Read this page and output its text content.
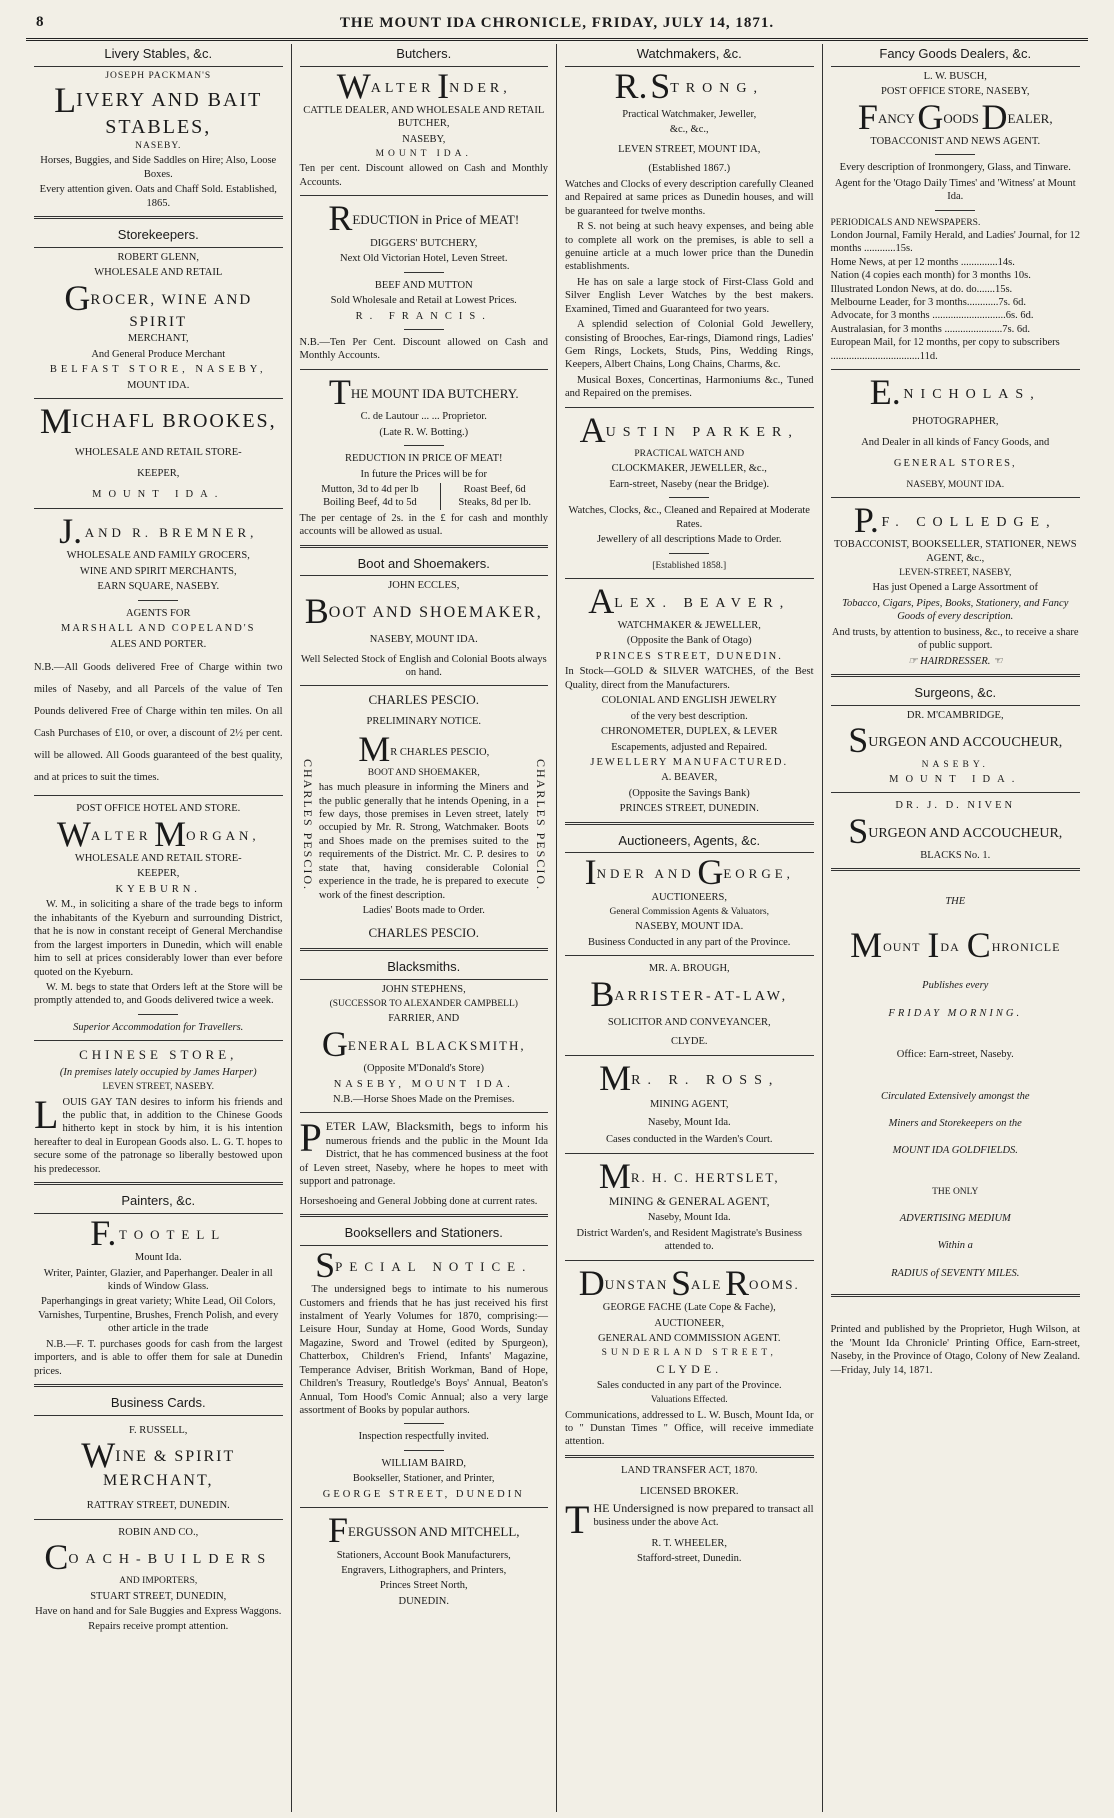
8	THE MOUNT IDA CHRONICLE, FRIDAY, JULY 14, 1871.
Livery Stables, &c.

JOSEPH PACKMAN'S

LIVERY AND BAIT STABLES,

NASEBY.

Horses, Buggies, and Side Saddles on Hire; Also, Loose Boxes.

Every attention given. Oats and Chaff Sold. Established, 1865.

Storekeepers.

ROBERT GLENN,

WHOLESALE AND RETAIL

GROCER, WINE AND SPIRIT

MERCHANT,

And General Produce Merchant

BELFAST STORE, NASEBY,

MOUNT IDA.

MICHAFL BROOKES,

WHOLESALE AND RETAIL STORE-

KEEPER,

MOUNT IDA.

J. AND R. BREMNER,

WHOLESALE AND FAMILY GROCERS,

WINE AND SPIRIT MERCHANTS,

EARN SQUARE, NASEBY.

AGENTS FOR

MARSHALL AND COPELAND'S

ALES AND PORTER.

N.B.—All Goods delivered Free of Charge within two miles of Naseby, and all Parcels of the value of Ten Pounds delivered Free of Charge within ten miles. On all Cash Purchases of £10, or over, a discount of 2½ per cent. will be allowed. All Goods guaranteed of the best quality, and at prices to suit the times.

POST OFFICE HOTEL AND STORE.

WALTER MORGAN,

WHOLESALE AND RETAIL STORE-

KEEPER,

KYEBURN.

W. M., in soliciting a share of the trade begs to inform the inhabitants of the Kyeburn and surrounding District, that he is now in constant receipt of General Merchandise from the largest importers in Dunedin, which will enable him to sell at prices considerably lower than ever before quoted on the Kyeburn.

W. M. begs to state that Orders left at the Store will be promptly attended to, and Goods delivered twice a week.

Superior Accommodation for Travellers.

CHINESE STORE,

(In premises lately occupied by James Harper)

LEVEN STREET, NASEBY.

LOUIS GAY TAN desires to inform his friends and the public that, in addition to the Chinese Goods hitherto kept in stock by him, it is his intention hereafter to deal in European Goods also. L. G. T. hopes to secure some of the patronage so liberally bestowed upon his predecessor.
Painters, &c.

F. TOOTELL

Mount Ida.

Writer, Painter, Glazier, and Paperhanger. Dealer in all kinds of Window Glass.

Paperhangings in great variety; White Lead, Oil Colors, Varnishes, Turpentine, Brushes, French Polish, and every other article in the trade

N.B.—F. T. purchases goods for cash from the largest importers, and is able to offer them for sale at Dunedin prices.

Business Cards.

F. RUSSELL,

WINE & SPIRIT MERCHANT,

RATTRAY STREET, DUNEDIN.

ROBIN AND CO.,

COACH-BUILDERS

AND IMPORTERS,

STUART STREET, DUNEDIN,

Have on hand and for Sale Buggies and Express Waggons.

Repairs receive prompt attention.

Butchers.

WALTER INDER,

CATTLE DEALER, AND WHOLESALE AND RETAIL BUTCHER,

NASEBY,

MOUNT IDA.

Ten per cent. Discount allowed on Cash and Monthly Accounts.

REDUCTION in Price of MEAT!

DIGGERS' BUTCHERY,

Next Old Victorian Hotel, Leven Street.

BEEF AND MUTTON

Sold Wholesale and Retail at Lowest Prices.

R. FRANCIS.

N.B.—Ten Per Cent. Discount allowed on Cash and Monthly Accounts.

THE MOUNT IDA BUTCHERY.

C. de Lautour ... ... Proprietor.

(Late R. W. Botting.)

REDUCTION IN PRICE OF MEAT!

In future the Prices will be for

Mutton, 3d to 4d per lb	Roast Beef, 6d
Boiling Beef, 4d to 5d	Steaks, 8d per lb.

The per centage of 2s. in the £ for cash and monthly accounts will be allowed as usual.

Boot and Shoemakers.

JOHN ECCLES,

BOOT AND SHOEMAKER,

NASEBY, MOUNT IDA.

Well Selected Stock of English and Colonial Boots always on hand.

CHARLES PESCIO.

PRELIMINARY NOTICE.

CHARLES PESCIO.

MR CHARLES PESCIO,

BOOT AND SHOEMAKER,

has much pleasure in informing the Miners and the public generally that he intends Opening, in a few days, those premises in Leven street, lately occupied by Mr. R. Strong, Watchmaker. Boots and Shoes made on the premises suited to the requirements of the District. Mr. C. P. desires to state that, having considerable Colonial experience in the trade, he is prepared to execute work of the finest description.

Ladies' Boots made to Order.

CHARLES PESCIO.

CHARLES PESCIO.

Blacksmiths.

JOHN STEPHENS,

(SUCCESSOR TO ALEXANDER CAMPBELL)

FARRIER, AND

GENERAL BLACKSMITH,

(Opposite M'Donald's Store)

NASEBY, MOUNT IDA.

N.B.—Horse Shoes Made on the Premises.

PETER LAW, Blacksmith, begs to inform his numerous friends and the public in the Mount Ida District, that he has commenced business at the foot of Leven street, Naseby, where he hopes to meet with support and patronage.

Horseshoeing and General Jobbing done at current rates.

Booksellers and Stationers.

SPECIAL NOTICE.

The undersigned begs to intimate to his numerous Customers and friends that he has just received his first instalment of Yearly Volumes for 1870, comprising:—Leisure Hour, Sunday at Home, Good Words, Sunday Magazine, Sword and Trowel (edited by Spurgeon), Chatterbox, Children's Friend, Infants' Magazine, Temperance Adviser, British Workman, Band of Hope, Children's Treasury, Routledge's Boys' Annual, Beaton's Annual, Tom Hood's Comic Annual; also a very large assortment of Books by popular authors.

Inspection respectfully invited.

WILLIAM BAIRD,

Bookseller, Stationer, and Printer,

GEORGE STREET, DUNEDIN

FERGUSSON AND MITCHELL,

Stationers, Account Book Manufacturers,

Engravers, Lithographers, and Printers,

Princes Street North,

DUNEDIN.

Watchmakers, &c.

R. STRONG,

Practical Watchmaker, Jeweller,

&c., &c.,

LEVEN STREET, MOUNT IDA,

(Established 1867.)

Watches and Clocks of every description carefully Cleaned and Repaired at same prices as Dunedin houses, and will be guaranteed for twelve months.

R S. not being at such heavy expenses, and being able to complete all work on the premises, is able to sell a genuine article at a much lower price than the Dunedin establishments.

He has on sale a large stock of First-Class Gold and Silver English Lever Watches by the best makers. Examined, Timed and Guaranteed for two years.

A splendid selection of Colonial Gold Jewellery, consisting of Brooches, Ear-rings, Diamond rings, Ladies' Gem Rings, Lockets, Studs, Pins, Wedding Rings, Keepers, Albert Chains, Long Chains, Charms, &c.

Musical Boxes, Concertinas, Harmoniums &c., Tuned and Repaired on the premises.

AUSTIN PARKER,

PRACTICAL WATCH AND

CLOCKMAKER, JEWELLER, &c.,

Earn-street, Naseby (near the Bridge).

Watches, Clocks, &c., Cleaned and Repaired at Moderate Rates.

Jewellery of all descriptions Made to Order.

[Established 1858.]

ALEX. BEAVER,

WATCHMAKER & JEWELLER,

(Opposite the Bank of Otago)

PRINCES STREET, DUNEDIN.

In Stock—GOLD & SILVER WATCHES, of the Best Quality, direct from the Manufacturers.

COLONIAL AND ENGLISH JEWELRY

of the very best description.

CHRONOMETER, DUPLEX, & LEVER

Escapements, adjusted and Repaired.

JEWELLERY MANUFACTURED.

A. BEAVER,

(Opposite the Savings Bank)

PRINCES STREET, DUNEDIN.

Auctioneers, Agents, &c.

INDER AND GEORGE,

AUCTIONEERS,

General Commission Agents & Valuators,

NASEBY, MOUNT IDA.

Business Conducted in any part of the Province.

MR. A. BROUGH,

BARRISTER-AT-LAW,

SOLICITOR AND CONVEYANCER,

CLYDE.

MR. R. ROSS,

MINING AGENT,

Naseby, Mount Ida.

Cases conducted in the Warden's Court.

MR. H. C. HERTSLET,

MINING & GENERAL AGENT,

Naseby, Mount Ida.

District Warden's, and Resident Magistrate's Business attended to.

DUNSTAN SALE ROOMS.

GEORGE FACHE (Late Cope & Fache),

AUCTIONEER,

GENERAL AND COMMISSION AGENT.

SUNDERLAND STREET,

CLYDE.

Sales conducted in any part of the Province.

Valuations Effected.

Communications, addressed to L. W. Busch, Mount Ida, or to " Dunstan Times " Office, will receive immediate attention.

LAND TRANSFER ACT, 1870.

LICENSED BROKER.

THE Undersigned is now prepared to transact all business under the above Act.

R. T. WHEELER,

Stafford-street, Dunedin.

Fancy Goods Dealers, &c.

L. W. BUSCH,

POST OFFICE STORE, NASEBY,

FANCY GOODS DEALER,

TOBACCONIST AND NEWS AGENT.

Every description of Ironmongery, Glass, and Tinware.

Agent for the 'Otago Daily Times' and 'Witness' at Mount Ida.

PERIODICALS AND NEWSPAPERS.

London Journal, Family Herald, and Ladies' Journal, for 12 months ............15s.

Home News, at per 12 months ..............14s.

Nation (4 copies each month) for 3 months 10s.

Illustrated London News, at do. do.......15s.

Melbourne Leader, for 3 months............7s. 6d.

Advocate, for 3 months ............................6s. 6d.

Australasian, for 3 months ......................7s. 6d.

European Mail, for 12 months, per copy to subscribers ..................................11d.

E. NICHOLAS,

PHOTOGRAPHER,

And Dealer in all kinds of Fancy Goods, and

GENERAL STORES,

NASEBY, MOUNT IDA.

P. F. COLLEDGE,

TOBACCONIST, BOOKSELLER, STATIONER, NEWS AGENT, &c.,

LEVEN-STREET, NASEBY,

Has just Opened a Large Assortment of

Tobacco, Cigars, Pipes, Books, Stationery, and Fancy Goods of every description.

And trusts, by attention to business, &c., to receive a share of public support.

☞ HAIRDRESSER. ☜

Surgeons, &c.

DR. M'CAMBRIDGE,

SURGEON AND ACCOUCHEUR,

NASEBY.

MOUNT IDA.

DR. J. D. NIVEN

SURGEON AND ACCOUCHEUR,

BLACKS No. 1.

THE

MOUNT IDA CHRONICLE

Publishes every

FRIDAY MORNING.

Office: Earn-street, Naseby.

Circulated Extensively amongst the

Miners and Storekeepers on the

MOUNT IDA GOLDFIELDS.

THE ONLY

ADVERTISING MEDIUM

Within a

RADIUS of SEVENTY MILES.

Printed and published by the Proprietor, Hugh Wilson, at the 'Mount Ida Chronicle' Printing Office, Earn-street, Naseby, in the Province of Otago, Colony of New Zealand. —Friday, July 14, 1871.
